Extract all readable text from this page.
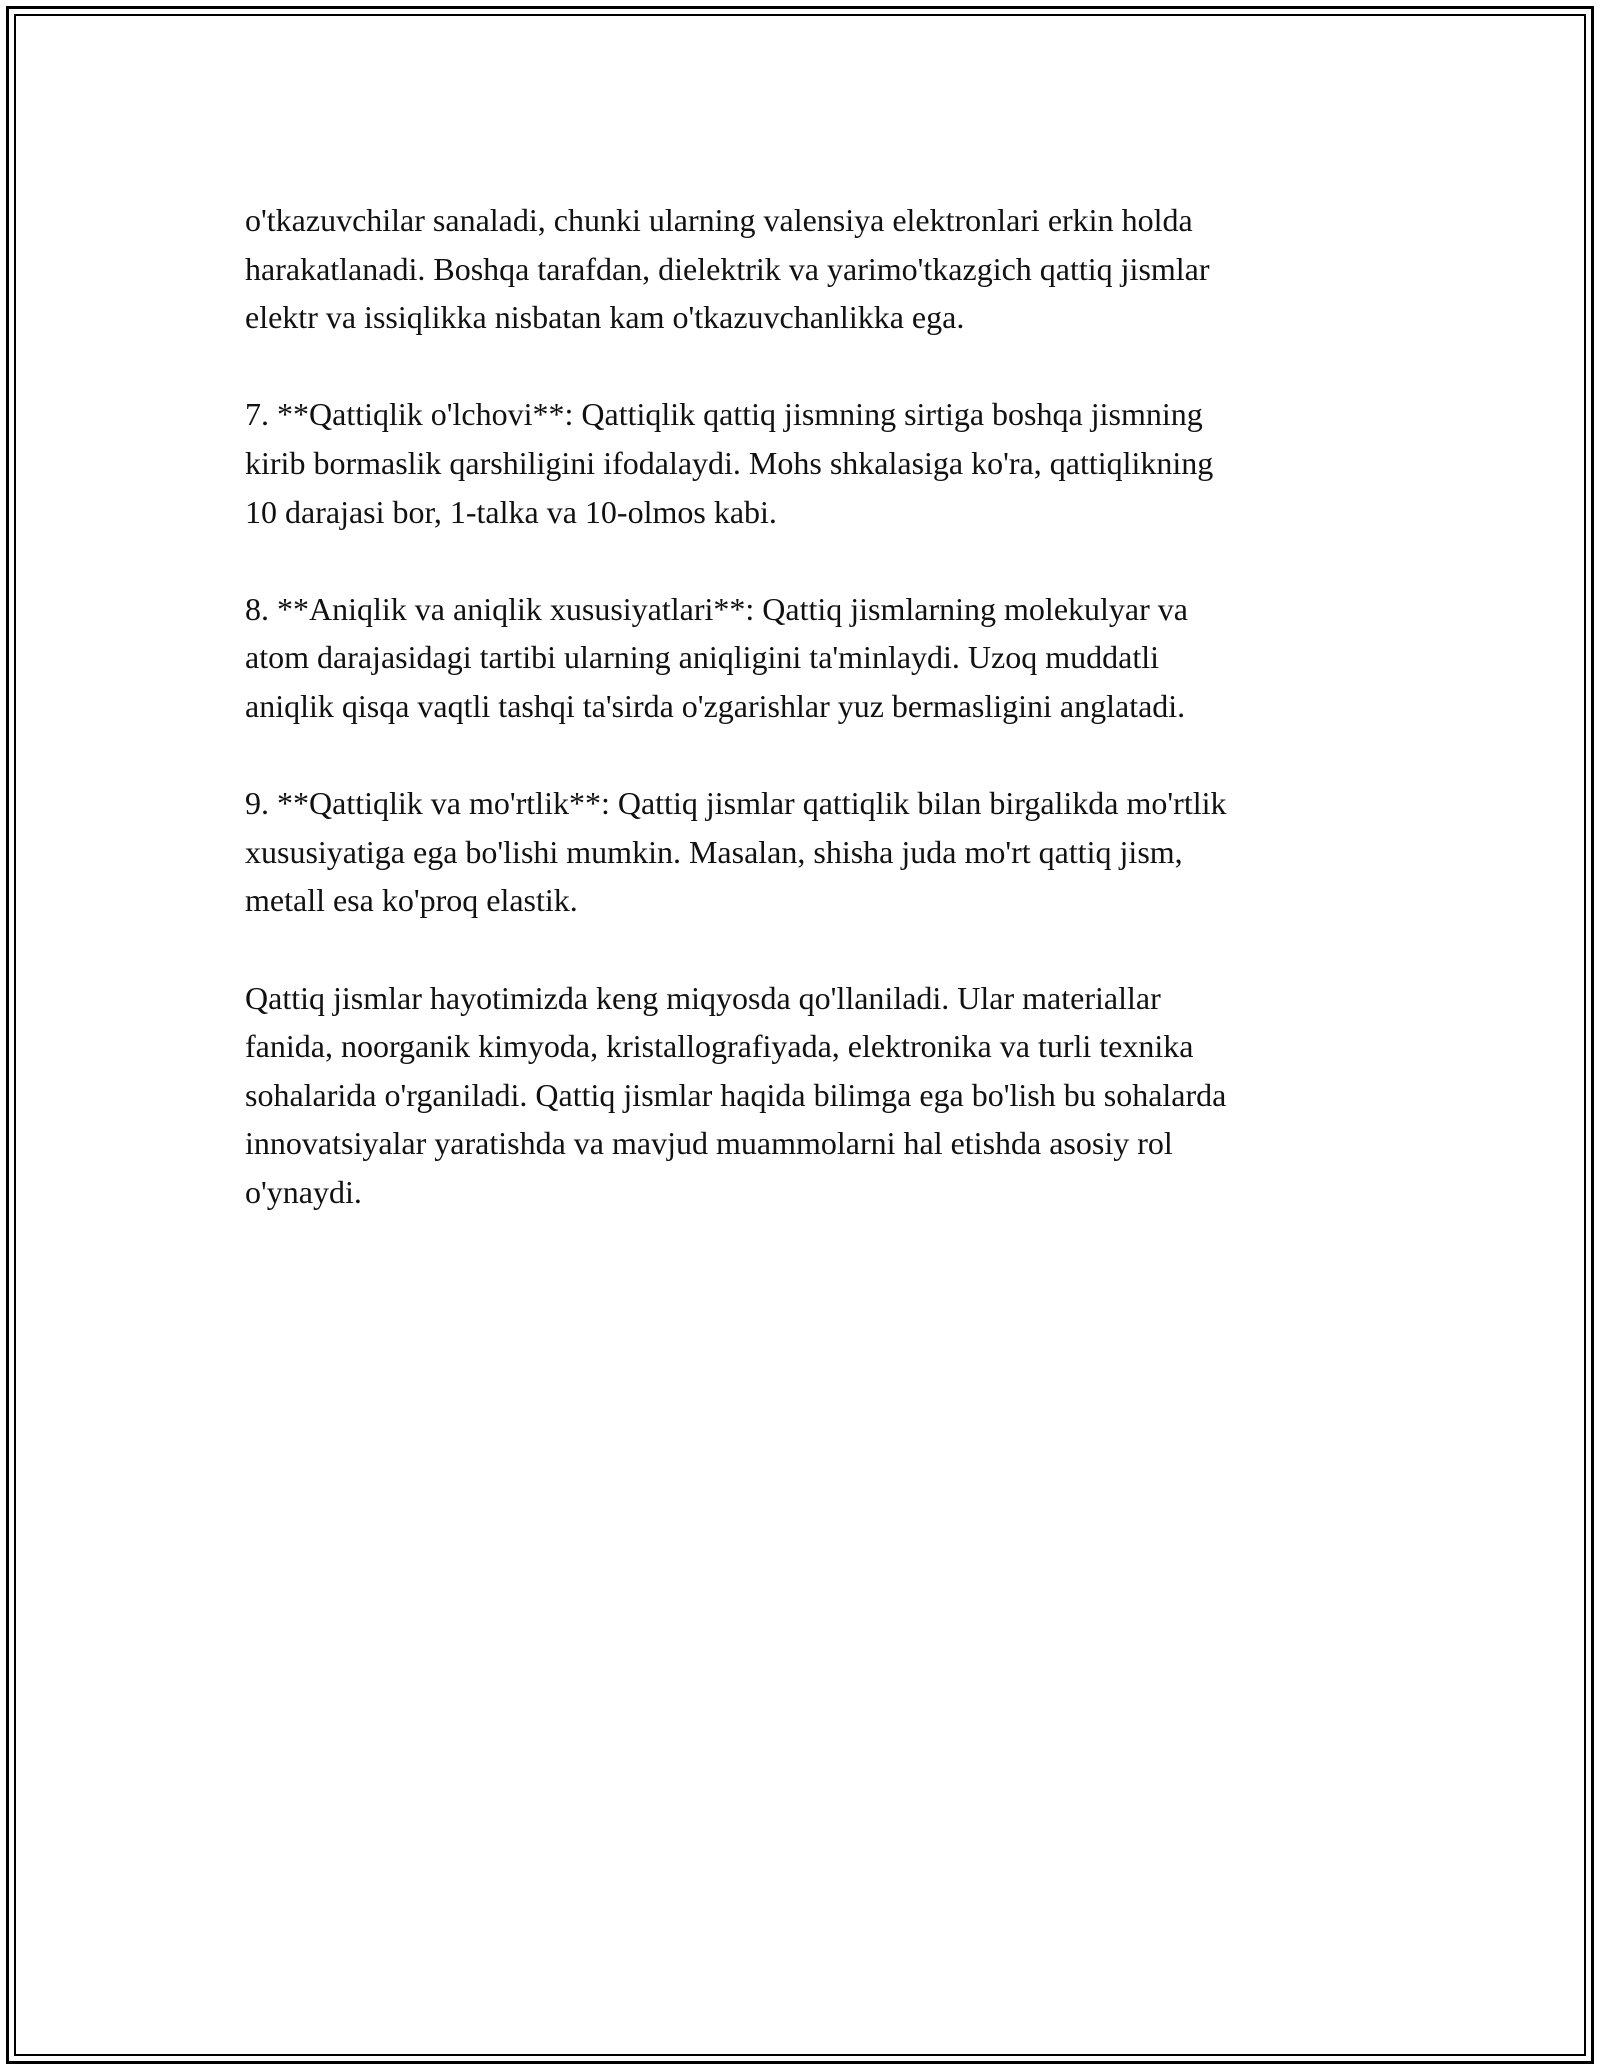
o'tkazuvchilar sanaladi, chunki ularning valensiya elektronlari erkin holda
harakatlanadi. Boshqa tarafdan, dielektrik va yarimo'tkazgich qattiq jismlar
elektr va issiqlikka nisbatan kam o'tkazuvchanlikka ega.

7. **Qattiqlik o'lchovi**: Qattiqlik qattiq jismning sirtiga boshqa jismning
kirib bormaslik qarshiligini ifodalaydi. Mohs shkalasiga ko'ra, qattiqlikning
10 darajasi bor, 1-talka va 10-olmos kabi.

8. **Aniqlik va aniqlik xususiyatlari**: Qattiq jismlarning molekulyar va
atom darajasidagi tartibi ularning aniqligini ta'minlaydi. Uzoq muddatli
aniqlik qisqa vaqtli tashqi ta'sirda o'zgarishlar yuz bermasligini anglatadi.

9. **Qattiqlik va mo'rtlik**: Qattiq jismlar qattiqlik bilan birgalikda mo'rtlik
xususiyatiga ega bo'lishi mumkin. Masalan, shisha juda mo'rt qattiq jism,
metall esa ko'proq elastik.

Qattiq jismlar hayotimizda keng miqyosda qo'llaniladi. Ular materiallar
fanida, noorganik kimyoda, kristallografiyada, elektronika va turli texnika
sohalarida o'rganiladi. Qattiq jismlar haqida bilimga ega bo'lish bu sohalarda
innovatsiyalar yaratishda va mavjud muammolarni hal etishda asosiy rol
o'ynaydi.
